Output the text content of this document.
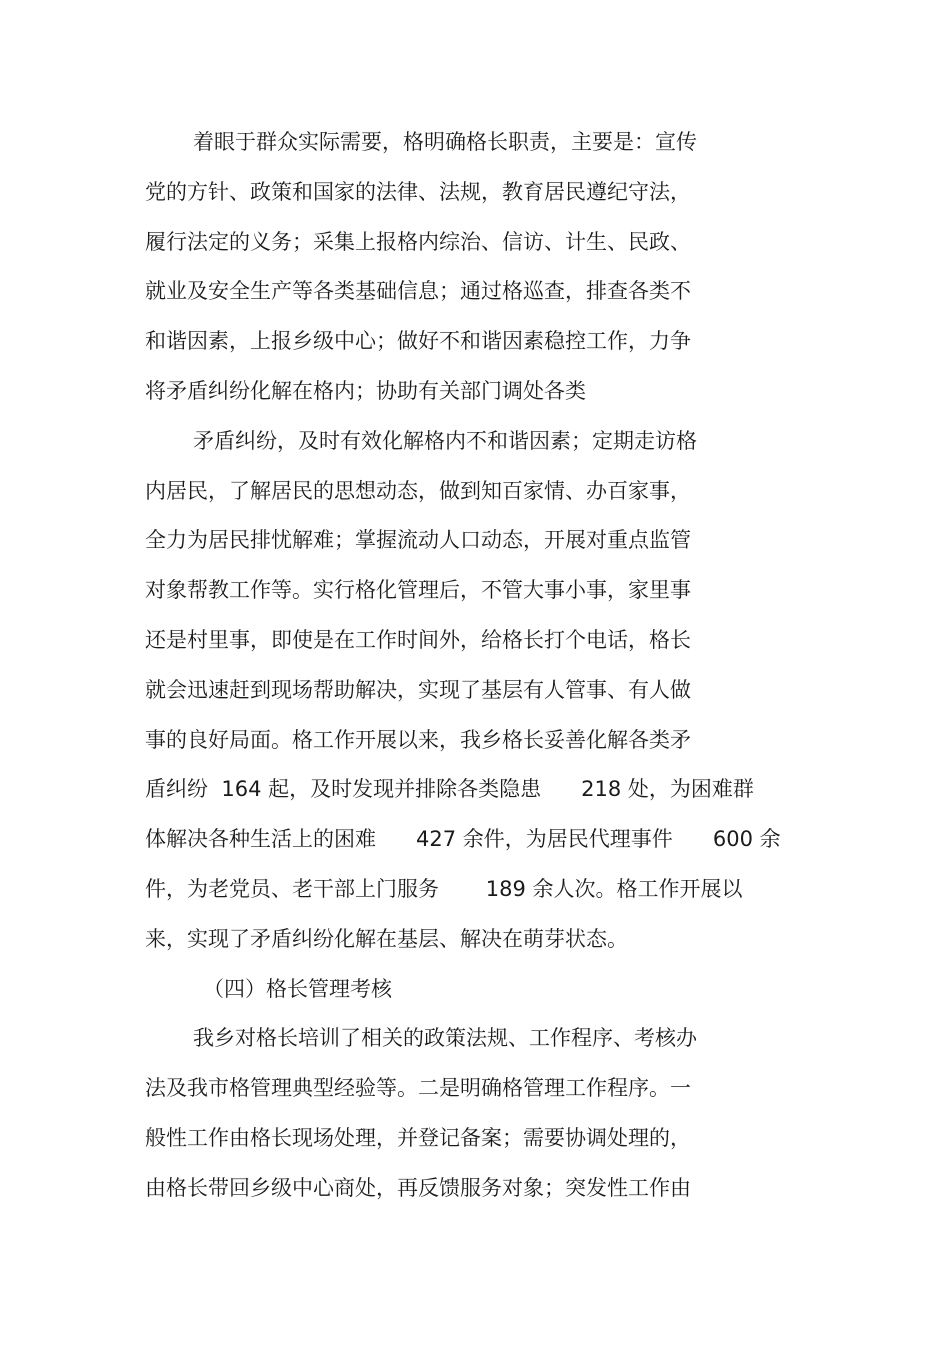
着眼于群众实际需要，格明确格长职责，主要是：宣传

党的方针、政策和国家的法律、法规，教育居民遵纪守法，

履行法定的义务；采集上报格内综治、信访、计生、民政、

就业及安全生产等各类基础信息；通过格巡查，排查各类不

和谐因素，上报乡级中心；做好不和谐因素稳控工作，力争

将矛盾纠纷化解在格内；协助有关部门调处各类

矛盾纠纷，及时有效化解格内不和谐因素；定期走访格

内居民，了解居民的思想动态，做到知百家情、办百家事，

全力为居民排忧解难；掌握流动人口动态，开展对重点监管

对象帮教工作等。实行格化管理后，不管大事小事，家里事

还是村里事，即使是在工作时间外，给格长打个电话，格长

就会迅速赶到现场帮助解决，实现了基层有人管事、有人做

事的良好局面。格工作开展以来，我乡格长妥善化解各类矛

盾纠纷  164 起，及时发现并排除各类隐患      218 处，为困难群

体解决各种生活上的困难      427 余件，为居民代理事件      600 余

件，为老党员、老干部上门服务       189 余人次。格工作开展以

来，实现了矛盾纠纷化解在基层、解决在萌芽状态。

（四）格长管理考核

我乡对格长培训了相关的政策法规、工作程序、考核办

法及我市格管理典型经验等。二是明确格管理工作程序。一

般性工作由格长现场处理，并登记备案；需要协调处理的，

由格长带回乡级中心商处，再反馈服务对象；突发性工作由
